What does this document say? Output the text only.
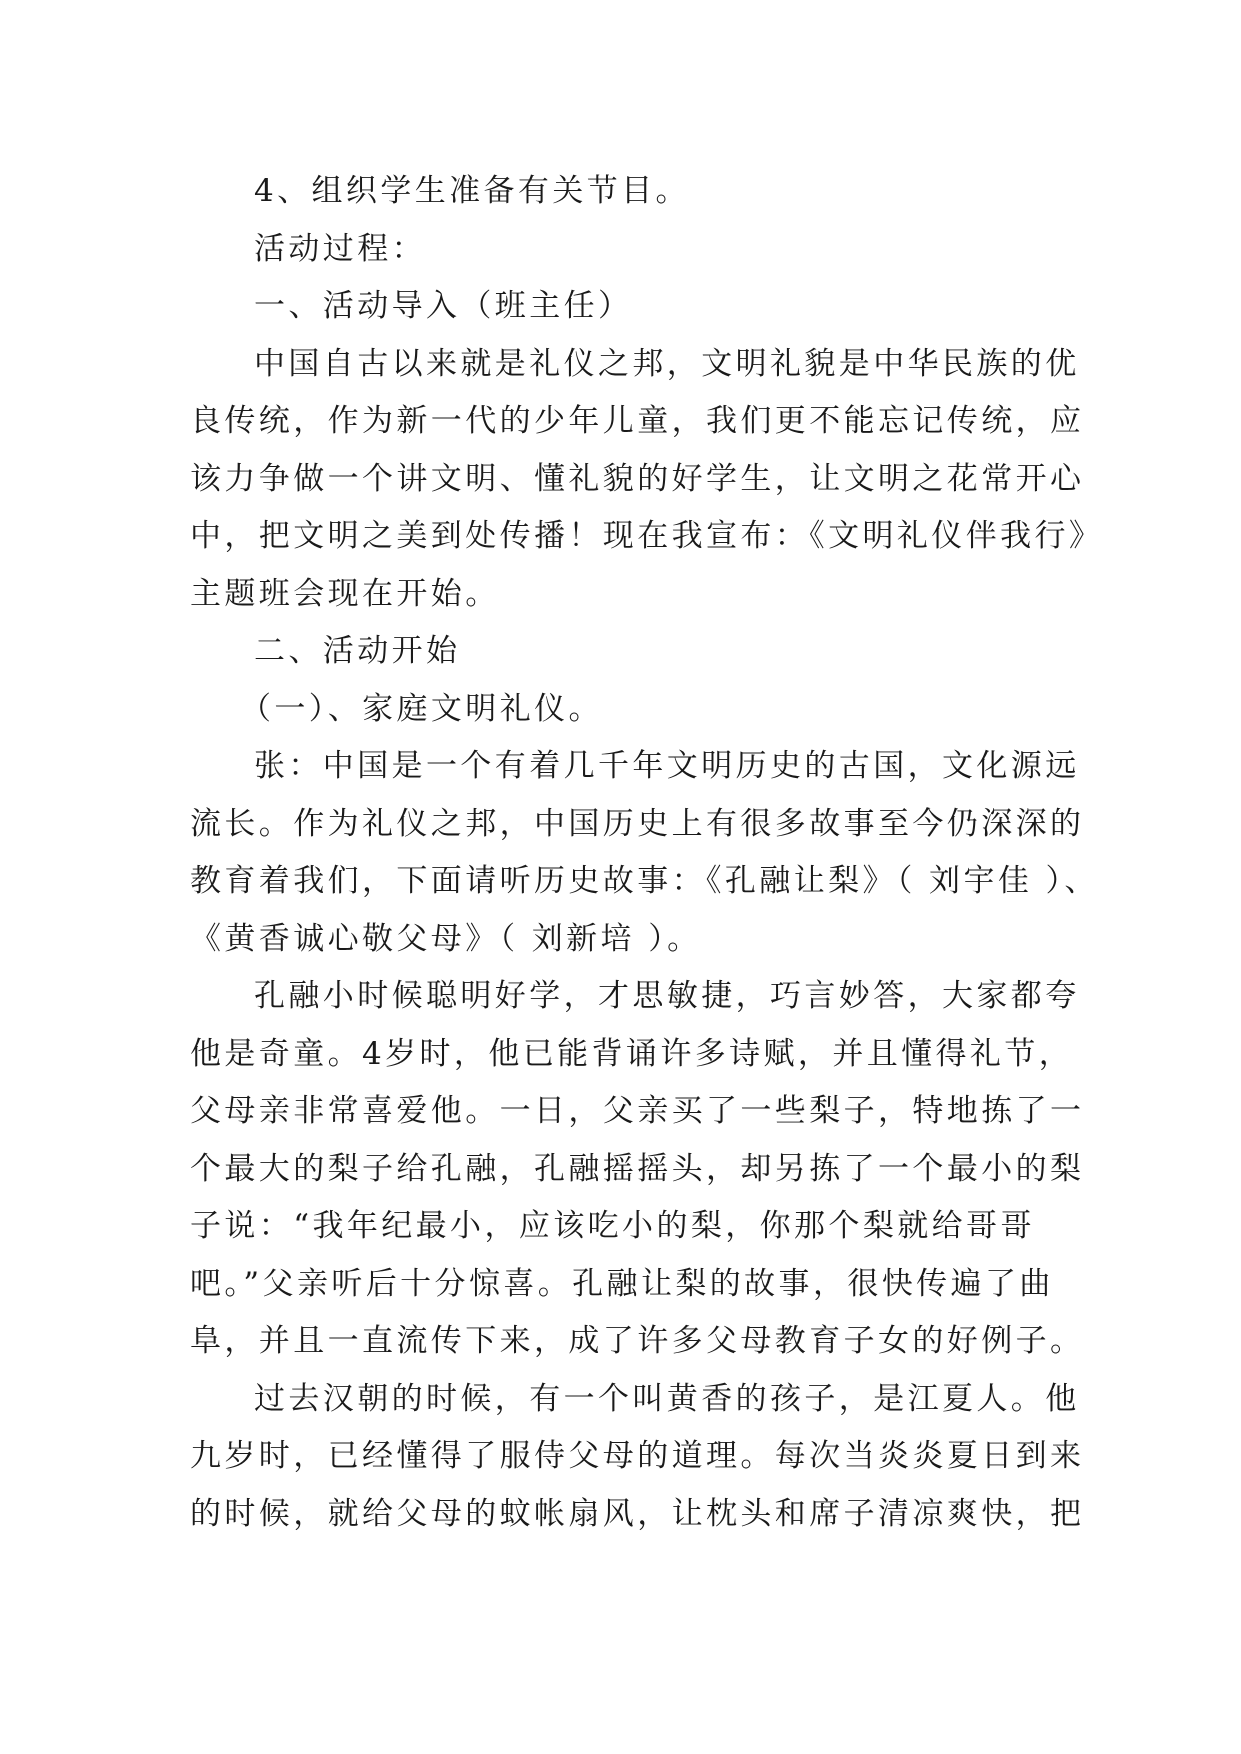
4、组织学生准备有关节目。
活动过程：
一、活动导入（班主任）
中国自古以来就是礼仪之邦，文明礼貌是中华民族的优
良传统，作为新一代的少年儿童，我们更不能忘记传统，应
该力争做一个讲文明、懂礼貌的好学生，让文明之花常开心
中，把文明之美到处传播！现在我宣布：《文明礼仪伴我行》
主题班会现在开始。
二、活动开始
（一）、家庭文明礼仪。
张：中国是一个有着几千年文明历史的古国，文化源远
流长。作为礼仪之邦，中国历史上有很多故事至今仍深深的
教育着我们，下面请听历史故事：《孔融让梨》（ 刘宇佳 ）、
《黄香诚心敬父母》（ 刘新培 ）。
孔融小时候聪明好学，才思敏捷，巧言妙答，大家都夸
他是奇童。4岁时，他已能背诵许多诗赋，并且懂得礼节，
父母亲非常喜爱他。一日，父亲买了一些梨子，特地拣了一
个最大的梨子给孔融，孔融摇摇头，却另拣了一个最小的梨
子说：“我年纪最小，应该吃小的梨，你那个梨就给哥哥
吧。”父亲听后十分惊喜。孔融让梨的故事，很快传遍了曲
阜，并且一直流传下来，成了许多父母教育子女的好例子。
过去汉朝的时候，有一个叫黄香的孩子，是江夏人。他
九岁时，已经懂得了服侍父母的道理。每次当炎炎夏日到来
的时候，就给父母的蚊帐扇风，让枕头和席子清凉爽快，把
